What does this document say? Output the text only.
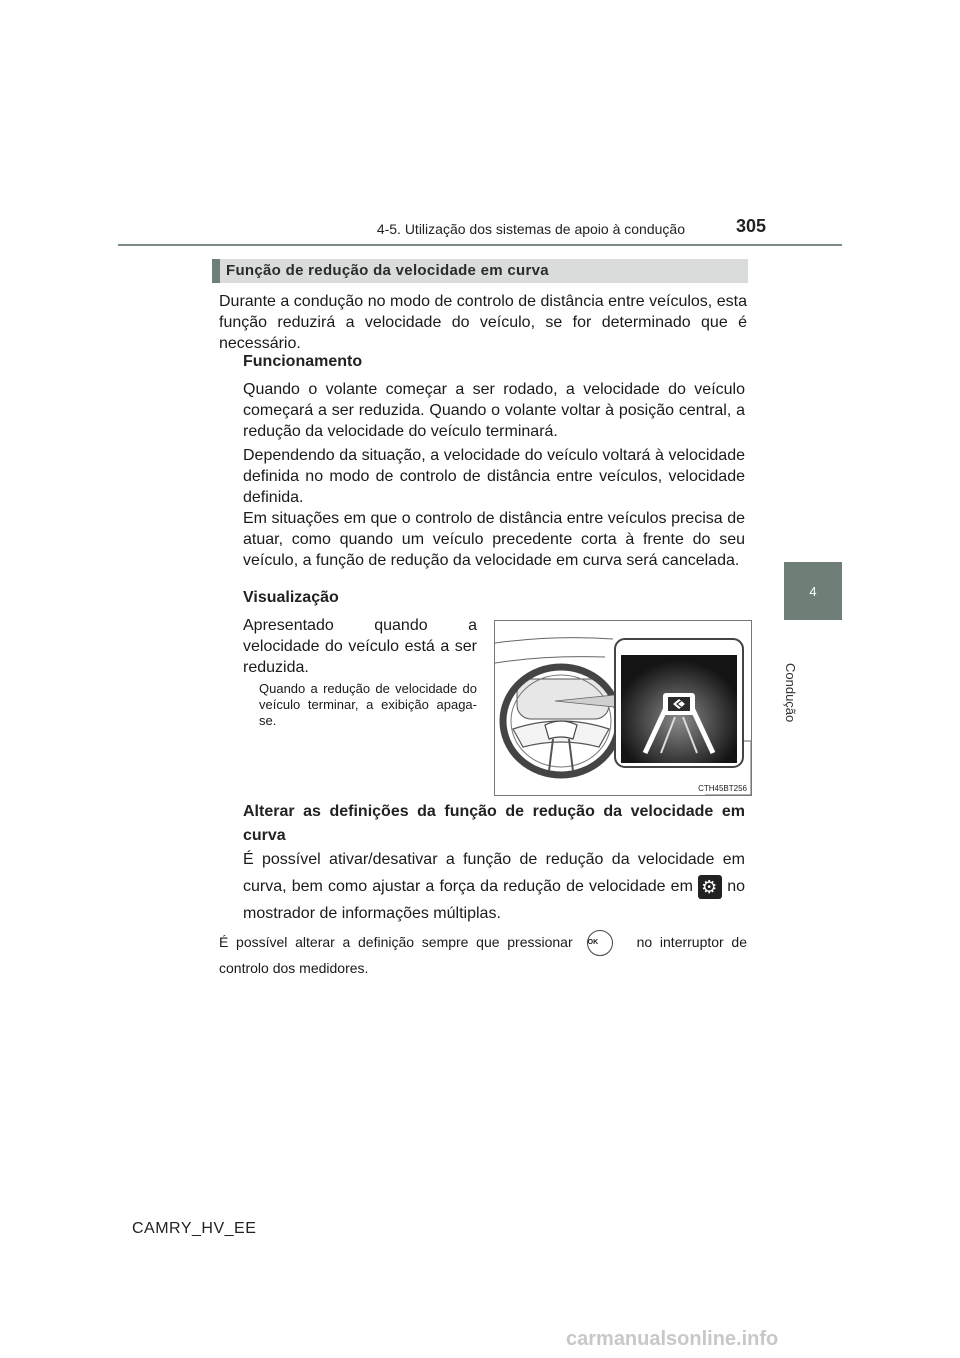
4-5. Utilização dos sistemas de apoio à condução	305
4
Condução
Função de redução da velocidade em curva
Durante a condução no modo de controlo de distância entre veículos, esta função reduzirá a velocidade do veículo, se for determinado que é necessário.
Funcionamento
Quando o volante começar a ser rodado, a velocidade do veículo começará a ser reduzida. Quando o volante voltar à posição central, a redução da velocidade do veículo terminará.
Dependendo da situação, a velocidade do veículo voltará à velocidade definida no modo de controlo de distância entre veículos, velocidade definida.
Em situações em que o controlo de distância entre veículos precisa de atuar, como quando um veículo precedente corta à frente do seu veículo, a função de redução da velocidade em curva será cancelada.
Visualização
Apresentado quando a velocidade do veículo está a ser reduzida.
Quando a redução de velocidade do veículo terminar, a exibição apaga-se.
CTH45BT256
Alterar as definições da função de redução da velocidade em curva
É possível ativar/desativar a função de redução da velocidade em curva, bem como ajustar a força da redução de velocidade em ⚙ no mostrador de informações múltiplas.
É possível alterar a definição sempre que pressionar OK	no interruptor de controlo dos medidores.
CAMRY_HV_EE
carmanualsonline.info
